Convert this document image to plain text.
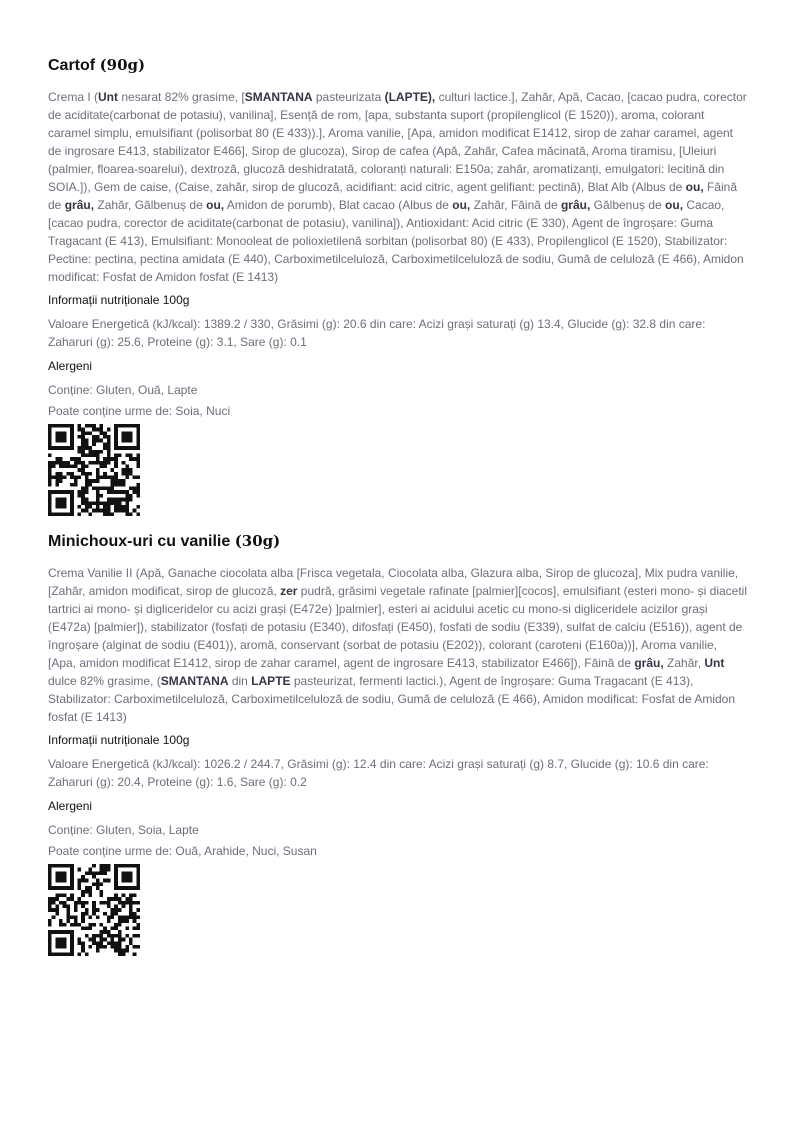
Cartof (90g)

Crema I (Unt nesarat 82% grasime, [SMANTANA pasteurizata (LAPTE), culturi lactice.], Zahăr, Apă, Cacao, [cacao pudra, corector de aciditate(carbonat de potasiu), vanilina], Esență de rom, [apa, substanta suport (propilenglicol (E 1520)), aroma, colorant caramel simplu, emulsifiant (polisorbat 80 (E 433)).], Aroma vanilie, [Apa, amidon modificat E1412, sirop de zahar caramel, agent de ingrosare E413, stabilizator E466], Sirop de glucoza), Sirop de cafea (Apă, Zahăr, Cafea măcinată, Aroma tiramisu, [Uleiuri (palmier, floarea-soarelui), dextroză, glucoză deshidratată, coloranți naturali: E150a; zahăr, aromatizanți, emulgatori: lecitină din SOIA.]), Gem de caise, (Caise, zahăr, sirop de glucoză, acidifiant: acid citric, agent gelifiant: pectină), Blat Alb (Albus de ou, Făină de grâu, Zahăr, Gălbenuș de ou, Amidon de porumb), Blat cacao (Albus de ou, Zahăr, Făină de grâu, Gălbenuș de ou, Cacao, [cacao pudra, corector de aciditate(carbonat de potasiu), vanilina]), Antioxidant: Acid citric (E 330), Agent de îngroșare: Guma Tragacant (E 413), Emulsifiant: Monooleat de polioxietilenă sorbitan (polisorbat 80) (E 433), Propilenglicol (E 1520), Stabilizator: Pectine: pectina, pectina amidata (E 440), Carboximetilceluloză, Carboximetilceluloză de sodiu, Gumă de celuloză (E 466), Amidon modificat: Fosfat de Amidon fosfat (E 1413)

Informații nutriționale 100g
Valoare Energetică (kJ/kcal): 1389.2 / 330, Grăsimi (g): 20.6 din care: Acizi grași saturați (g) 13.4, Glucide (g): 32.8 din care: Zaharuri (g): 25.6, Proteine (g): 3.1, Sare (g): 0.1
Alergeni
Conține: Gluten, Ouă, Lapte
Poate conține urme de: Soia, Nuci
Minichoux-uri cu vanilie (30g)

Crema Vanilie II (Apă, Ganache ciocolata alba [Frisca vegetala, Ciocolata alba, Glazura alba, Sirop de glucoza], Mix pudra vanilie, [Zahăr, amidon modificat, sirop de glucoză, zer pudră, grăsimi vegetale rafinate [palmier][cocos], emulsifiant (esteri mono- și diacetil tartrici ai mono- și digliceridelor cu acizi grași (E472e) ]palmier], esteri ai acidului acetic cu mono-si digliceridele acizilor grași (E472a) [palmier]), stabilizator (fosfați de potasiu (E340), difosfați (E450), fosfati de sodiu (E339), sulfat de calciu (E516)), agent de îngroșare (alginat de sodiu (E401)), aromă, conservant (sorbat de potasiu (E202)), colorant (caroteni (E160a))], Aroma vanilie, [Apa, amidon modificat E1412, sirop de zahar caramel, agent de ingrosare E413, stabilizator E466]), Făină de grâu, Zahăr, Unt dulce 82% grasime, (SMANTANA din LAPTE pasteurizat, fermenti lactici.), Agent de îngroșare: Guma Tragacant (E 413), Stabilizator: Carboximetilceluloză, Carboximetilceluloză de sodiu, Gumă de celuloză (E 466), Amidon modificat: Fosfat de Amidon fosfat (E 1413)

Informații nutriționale 100g
Valoare Energetică (kJ/kcal): 1026.2 / 244.7, Grăsimi (g): 12.4 din care: Acizi grași saturați (g) 8.7, Glucide (g): 10.6 din care: Zaharuri (g): 20.4, Proteine (g): 1.6, Sare (g): 0.2
Alergeni
Conține: Gluten, Soia, Lapte
Poate conține urme de: Ouă, Arahide, Nuci, Susan
